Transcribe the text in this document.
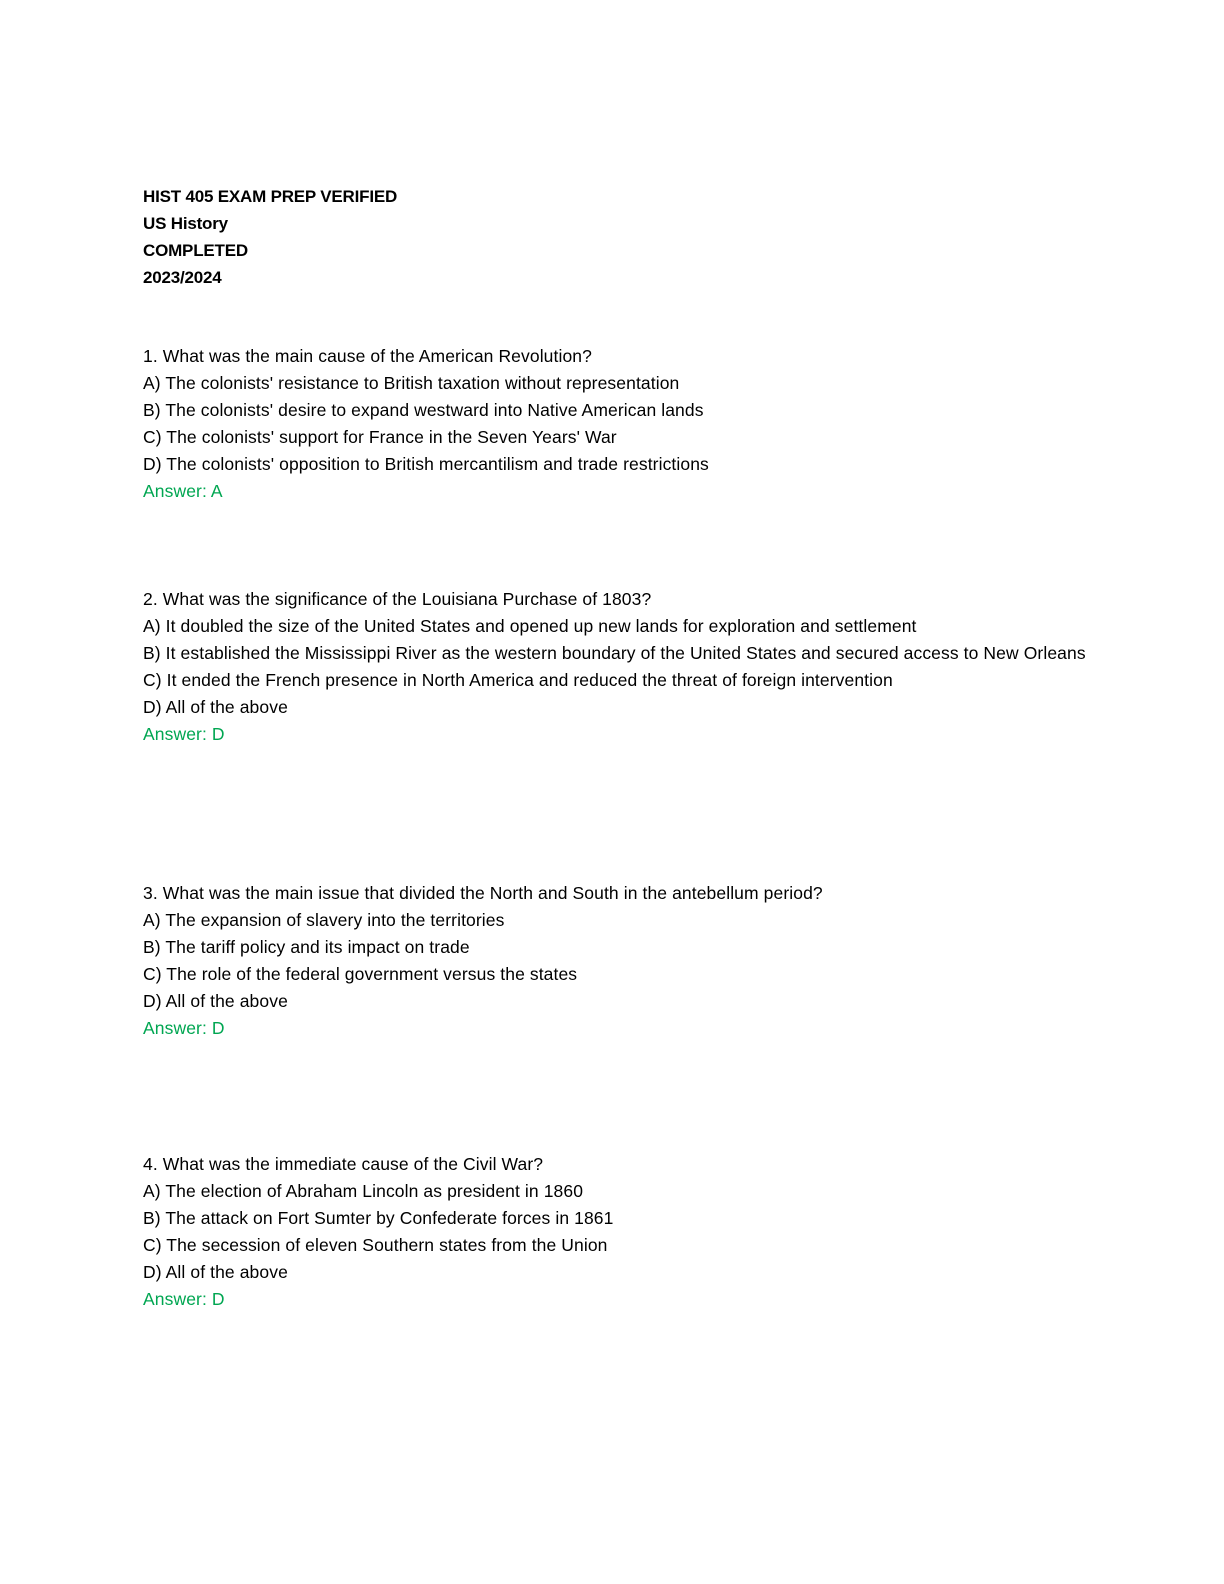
HIST 405 EXAM PREP VERIFIED

US History

COMPLETED

2023/2024

1. What was the main cause of the American Revolution?

A) The colonists' resistance to British taxation without representation

B) The colonists' desire to expand westward into Native American lands

C) The colonists' support for France in the Seven Years' War

D) The colonists' opposition to British mercantilism and trade restrictions

Answer: A

2. What was the significance of the Louisiana Purchase of 1803?

A) It doubled the size of the United States and opened up new lands for exploration and settlement

B) It established the Mississippi River as the western boundary of the United States and secured access to New Orleans

C) It ended the French presence in North America and reduced the threat of foreign intervention

D) All of the above

Answer: D

3. What was the main issue that divided the North and South in the antebellum period?

A) The expansion of slavery into the territories

B) The tariff policy and its impact on trade

C) The role of the federal government versus the states

D) All of the above

Answer: D

4. What was the immediate cause of the Civil War?

A) The election of Abraham Lincoln as president in 1860

B) The attack on Fort Sumter by Confederate forces in 1861

C) The secession of eleven Southern states from the Union

D) All of the above

Answer: D
